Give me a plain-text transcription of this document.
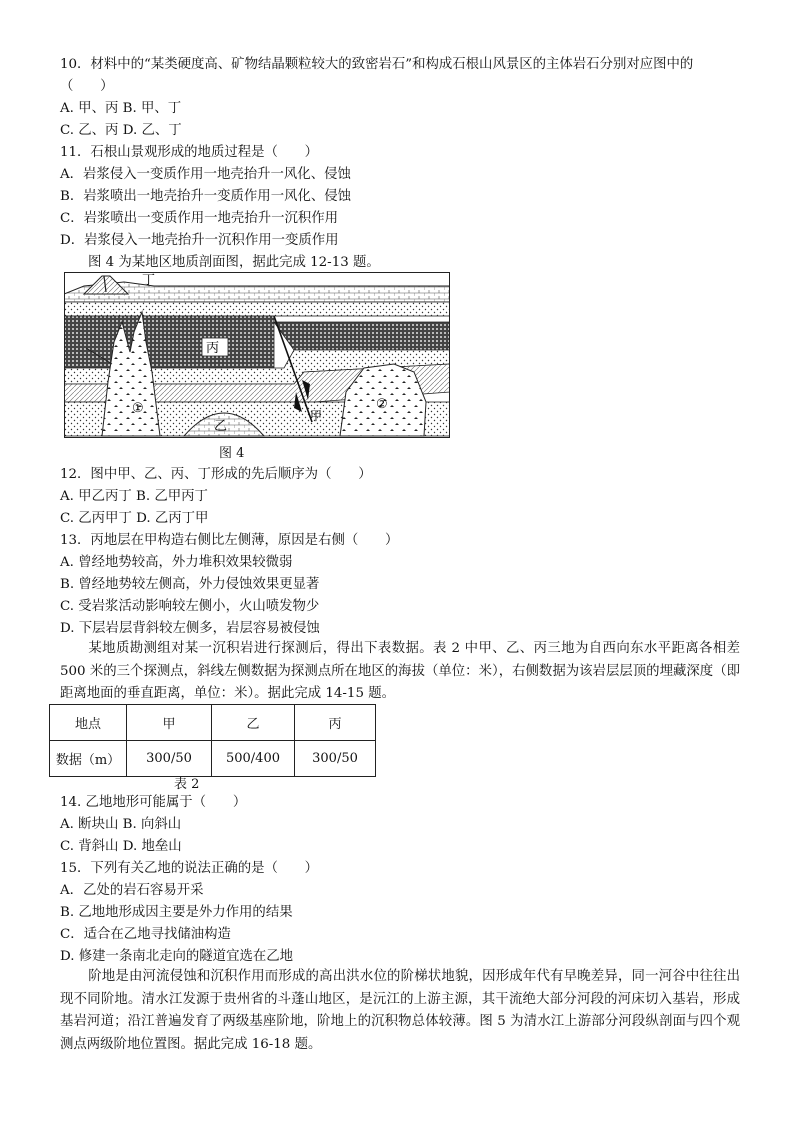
10．材料中的“某类硬度高、矿物结晶颗粒较大的致密岩石”和构成石根山风景区的主体岩石分别对应图中的
（　　）
A. 甲、丙 B. 甲、丁
C. 乙、丙 D. 乙、丁
11．石根山景观形成的地质过程是（　　）
A．岩浆侵入一变质作用一地壳抬升一风化、侵蚀
B．岩浆喷出一地壳抬升一变质作用一风化、侵蚀
C．岩浆喷出一变质作用一地壳抬升一沉积作用
D．岩浆侵入一地壳抬升一沉积作用一变质作用
图 4 为某地区地质剖面图，据此完成 12-13 题。
丁
丙
乙
甲
①	②
图 4
12．图中甲、乙、丙、丁形成的先后顺序为（　　）
A. 甲乙丙丁 B. 乙甲丙丁
C. 乙丙甲丁 D. 乙丙丁甲
13．丙地层在甲构造右侧比左侧薄，原因是右侧（　　）
A. 曾经地势较高，外力堆积效果较微弱
B. 曾经地势较左侧高，外力侵蚀效果更显著
C. 受岩浆活动影响较左侧小，火山喷发物少
D. 下层岩层背斜较左侧多，岩层容易被侵蚀
某地质勘测组对某一沉积岩进行探测后，得出下表数据。表 2 中甲、乙、丙三地为自西向东水平距离各相差 500 米的三个探测点，斜线左侧数据为探测点所在地区的海拔（单位：米），右侧数据为该岩层层顶的埋藏深度（即距离地面的垂直距离，单位：米）。据此完成 14-15 题。
地点	甲	乙	丙
数据（m）	300/50	500/400	300/50
表 2
14. 乙地地形可能属于（　　）
A. 断块山 B. 向斜山
C. 背斜山 D. 地垒山
15．下列有关乙地的说法正确的是（　　）
A．乙处的岩石容易开采
B. 乙地地形成因主要是外力作用的结果
C．适合在乙地寻找储油构造
D. 修建一条南北走向的隧道宜选在乙地
阶地是由河流侵蚀和沉积作用而形成的高出洪水位的阶梯状地貌，因形成年代有早晚差异，同一河谷中往往出现不同阶地。清水江发源于贵州省的斗蓬山地区，是沅江的上游主源，其干流绝大部分河段的河床切入基岩，形成基岩河道；沿江普遍发育了两级基座阶地，阶地上的沉积物总体较薄。图 5 为清水江上游部分河段纵剖面与四个观测点两级阶地位置图。据此完成 16-18 题。
